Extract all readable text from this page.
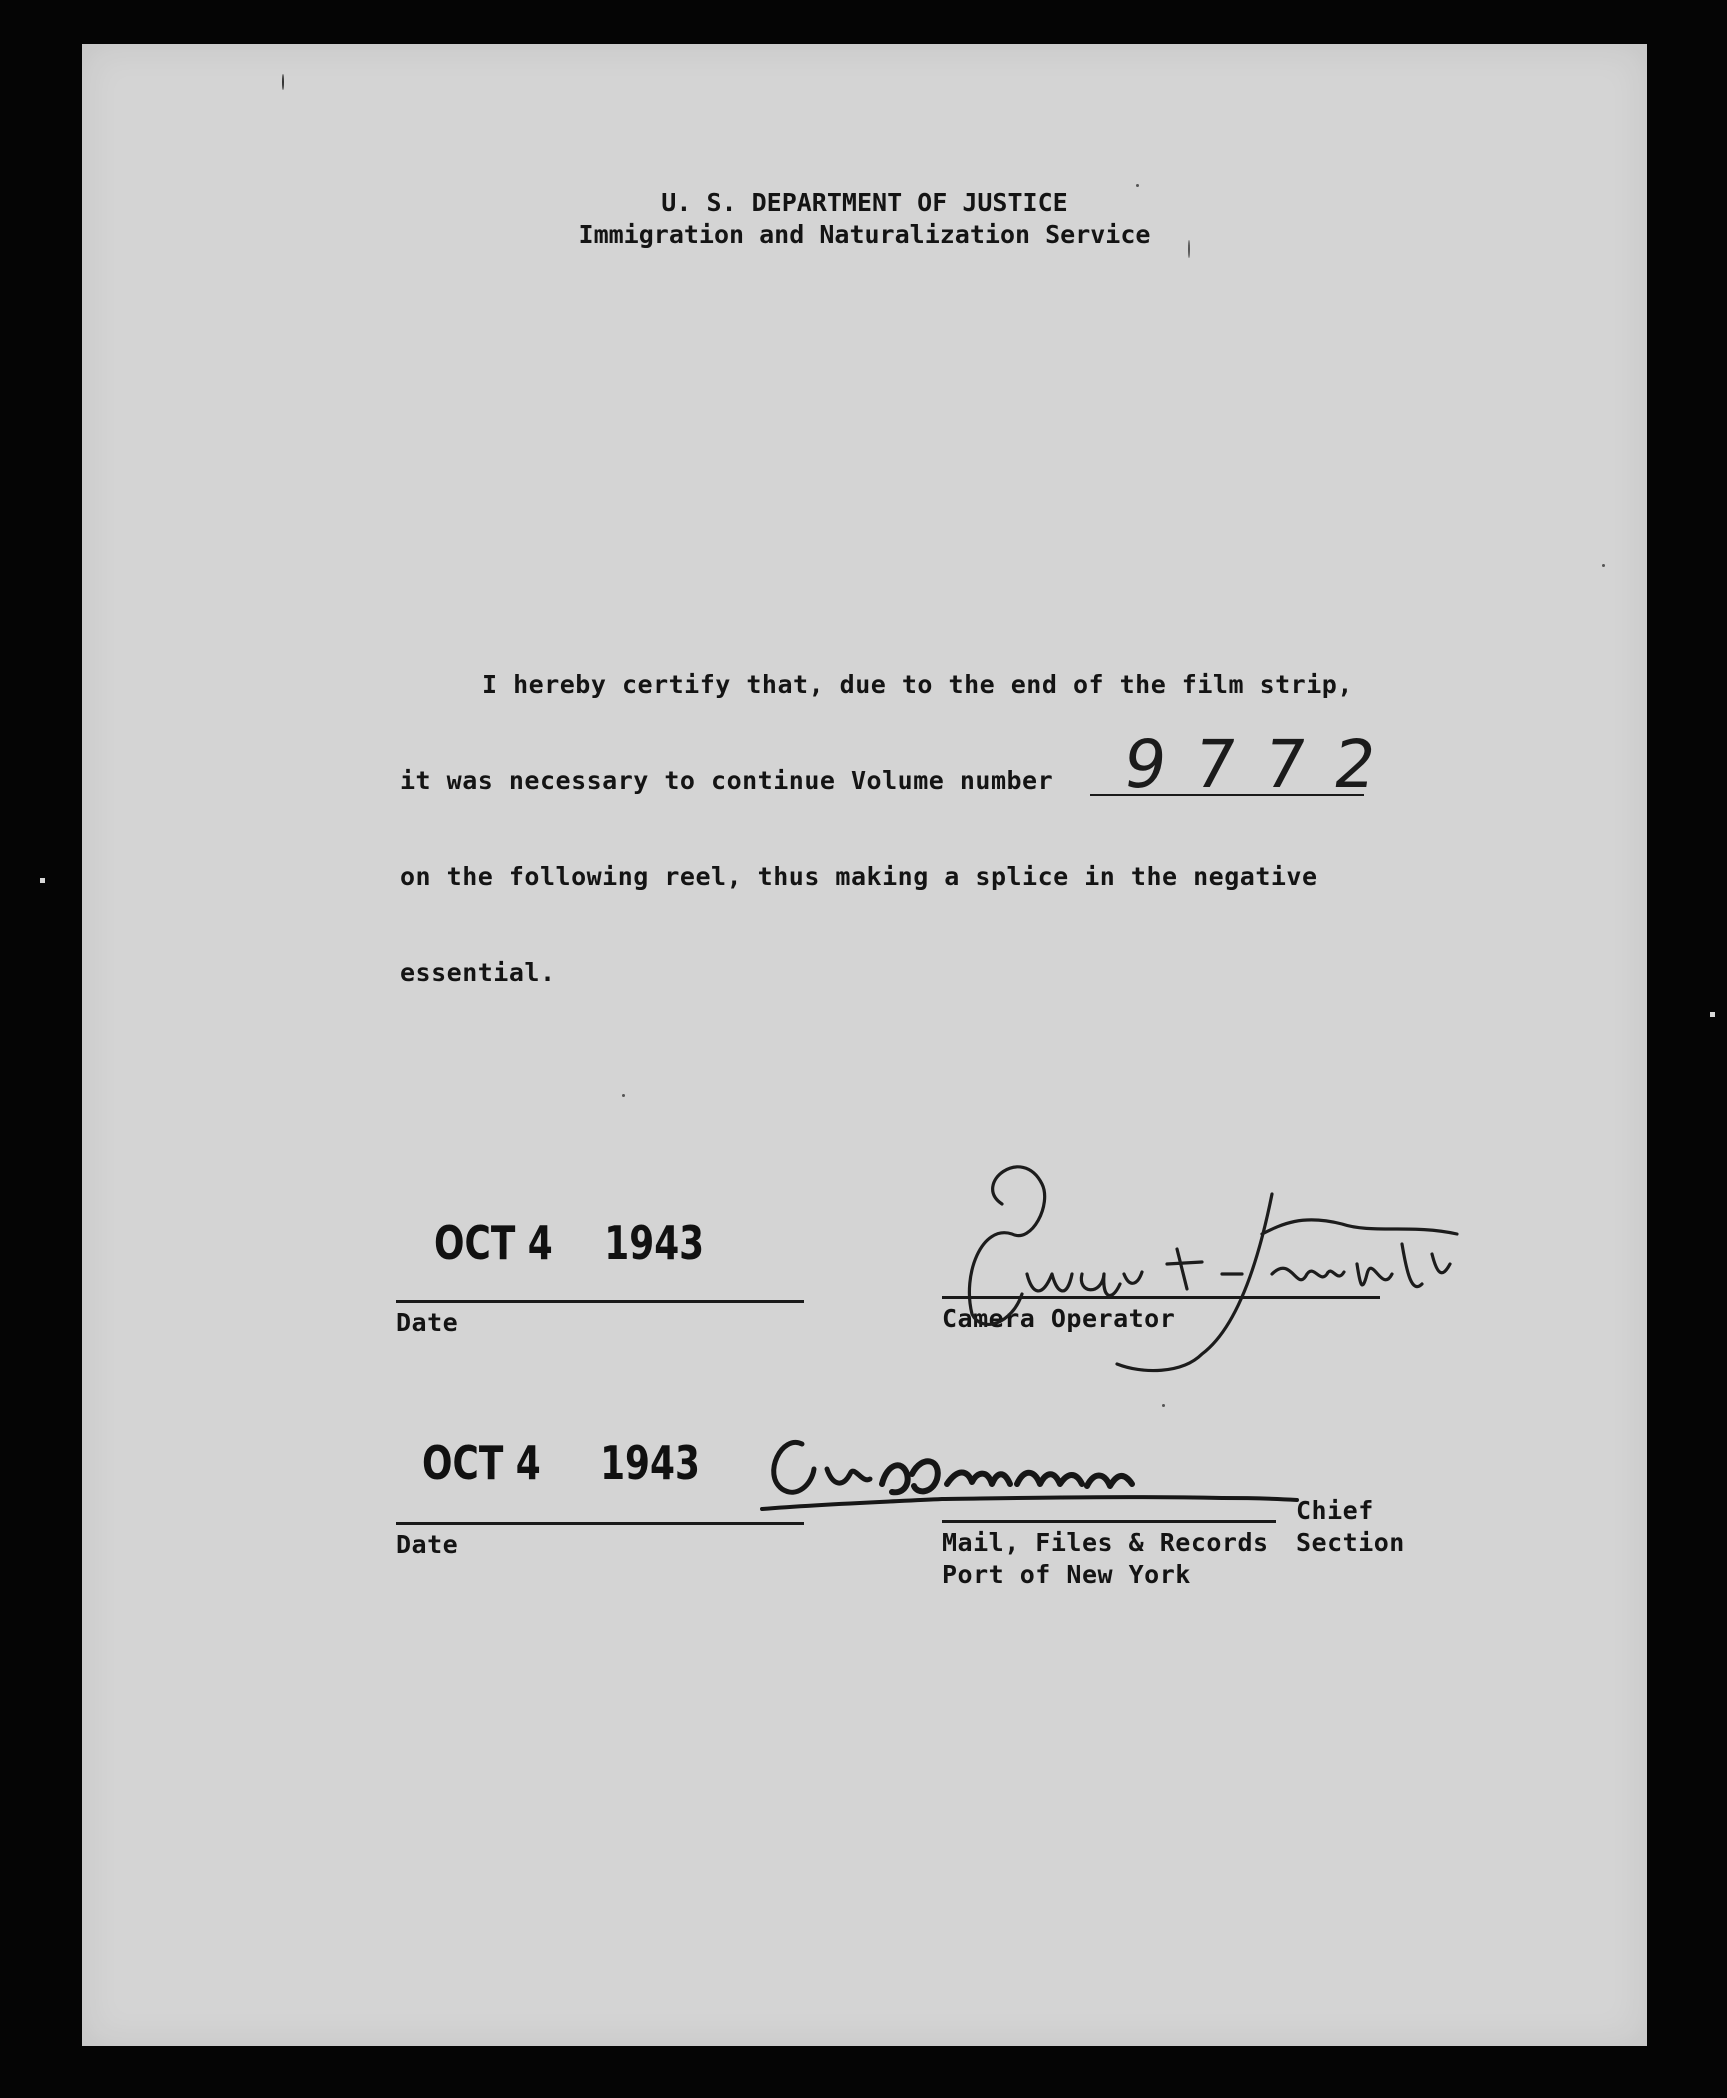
U. S. DEPARTMENT OF JUSTICE
Immigration and Naturalization Service
I hereby certify that, due to the end of the film strip,
it was necessary to continue Volume number 9772
on the following reel, thus making a splice in the negative
essential.
OCT 4 1943
Date	Camera Operator
OCT 4 1943
Date
Chief
Mail, Files & Records Section
Port of New York
